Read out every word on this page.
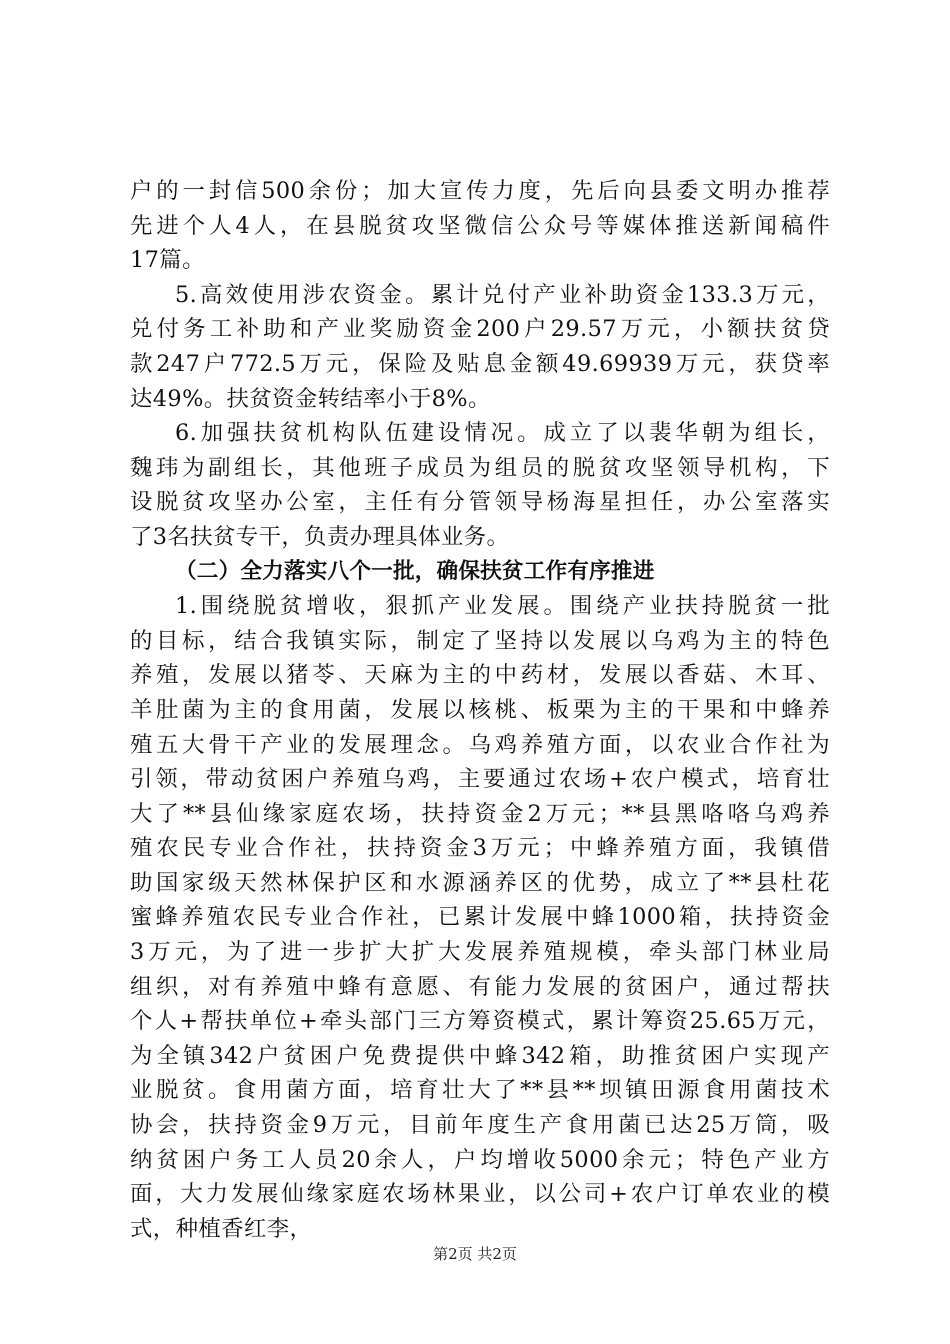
户的一封信500余份；加大宣传力度，先后向县委文明办推荐
先进个人4人，在县脱贫攻坚微信公众号等媒体推送新闻稿件
17篇。
5.高效使用涉农资金。累计兑付产业补助资金133.3万元，
兑付务工补助和产业奖励资金200户29.57万元，小额扶贫贷
款247户772.5万元，保险及贴息金额49.69939万元，获贷率
达49%。扶贫资金转结率小于8%。
6.加强扶贫机构队伍建设情况。成立了以裴华朝为组长，
魏玮为副组长，其他班子成员为组员的脱贫攻坚领导机构，下
设脱贫攻坚办公室，主任有分管领导杨海星担任，办公室落实
了3名扶贫专干，负责办理具体业务。
（二）全力落实八个一批，确保扶贫工作有序推进
1.围绕脱贫增收，狠抓产业发展。围绕产业扶持脱贫一批
的目标，结合我镇实际，制定了坚持以发展以乌鸡为主的特色
养殖，发展以猪苓、天麻为主的中药材，发展以香菇、木耳、
羊肚菌为主的食用菌，发展以核桃、板栗为主的干果和中蜂养
殖五大骨干产业的发展理念。乌鸡养殖方面，以农业合作社为
引领，带动贫困户养殖乌鸡，主要通过农场+农户模式，培育壮
大了**县仙缘家庭农场，扶持资金2万元；**县黑咯咯乌鸡养
殖农民专业合作社，扶持资金3万元；中蜂养殖方面，我镇借
助国家级天然林保护区和水源涵养区的优势，成立了**县杜花
蜜蜂养殖农民专业合作社，已累计发展中蜂1000箱，扶持资金
3万元，为了进一步扩大扩大发展养殖规模，牵头部门林业局
组织，对有养殖中蜂有意愿、有能力发展的贫困户，通过帮扶
个人+帮扶单位+牵头部门三方筹资模式，累计筹资25.65万元，
为全镇342户贫困户免费提供中蜂342箱，助推贫困户实现产
业脱贫。食用菌方面，培育壮大了**县**坝镇田源食用菌技术
协会，扶持资金9万元，目前年度生产食用菌已达25万筒，吸
纳贫困户务工人员20余人，户均增收5000余元；特色产业方
面，大力发展仙缘家庭农场林果业，以公司+农户订单农业的模
式，种植香红李，
第2页 共2页
